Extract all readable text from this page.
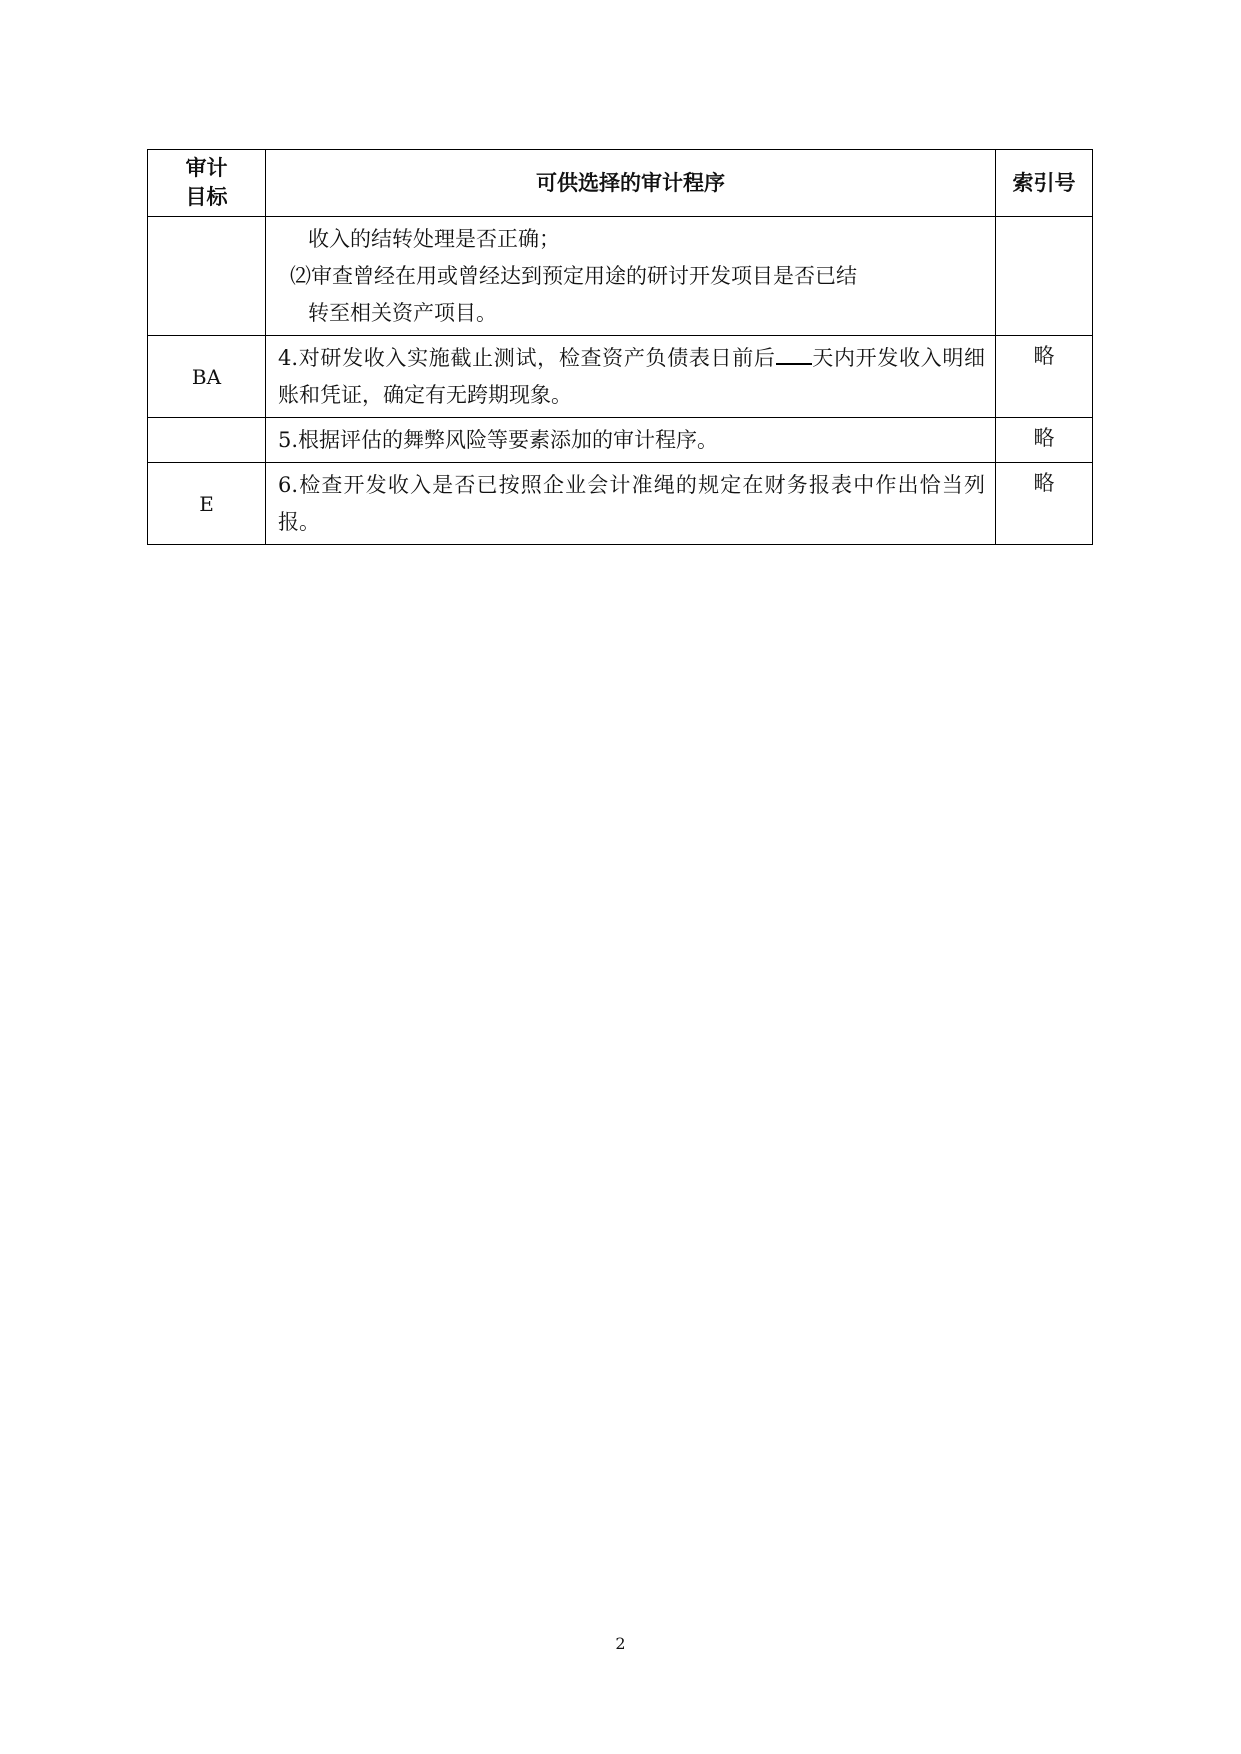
审计
目标	可供选择的审计程序	索引号

	收入的结转处理是否正确；
⑵审查曾经在用或曾经达到预定用途的研讨开发项目是否已结
转至相关资产项目。	

BA	4.对研发收入实施截止测试，检查资产负债表日前后 天内开发收入明细账和凭证，确定有无跨期现象。	略
	5.根据评估的舞弊风险等要素添加的审计程序。	略
E	6.检查开发收入是否已按照企业会计准绳的规定在财务报表中作出恰当列报。	略
2
